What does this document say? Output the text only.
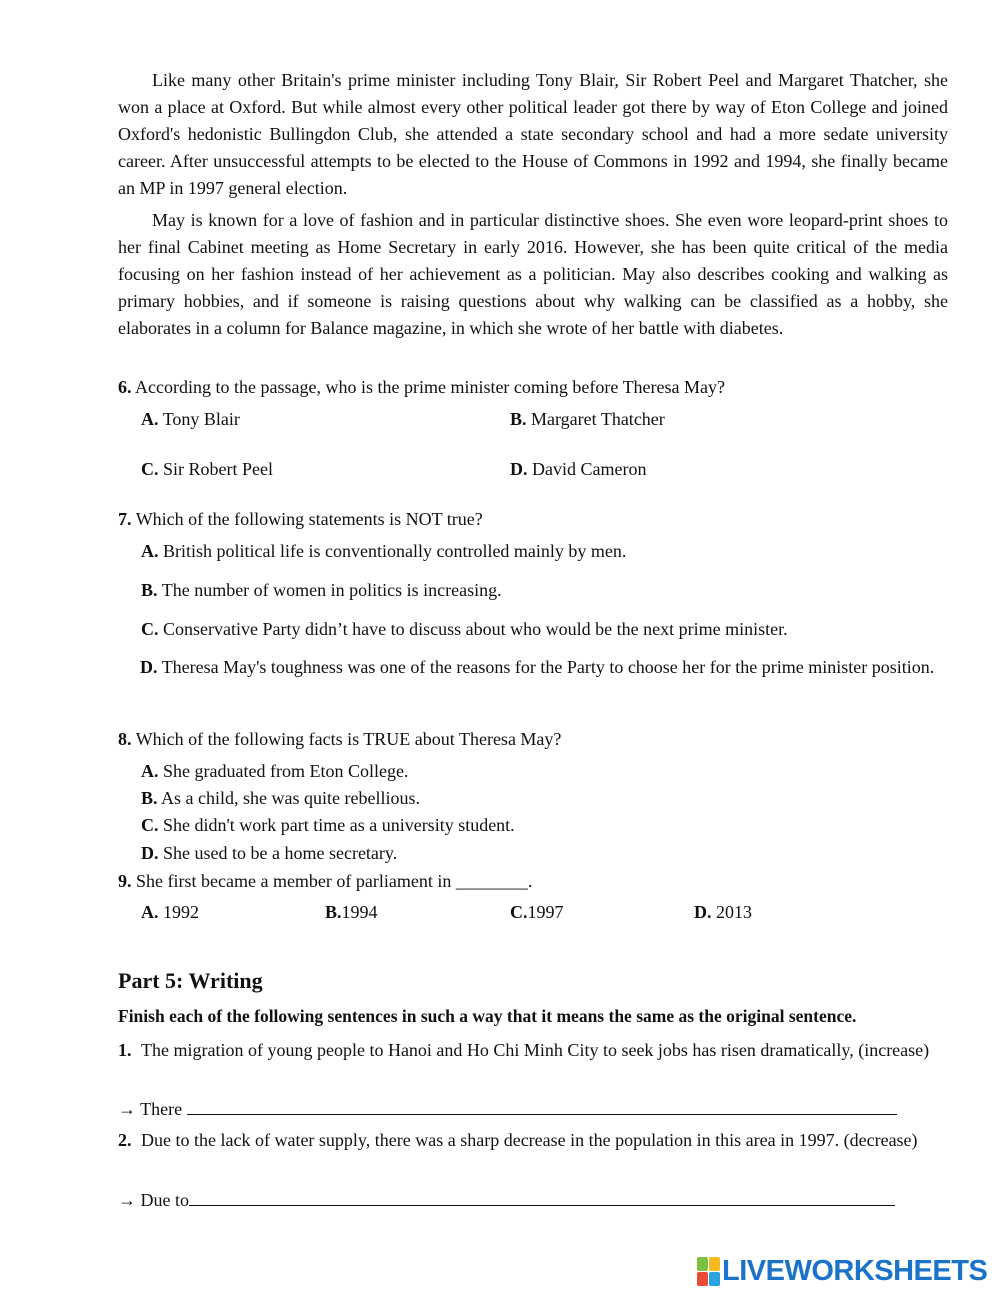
Like many other Britain's prime minister including Tony Blair, Sir Robert Peel and Margaret Thatcher, she won a place at Oxford. But while almost every other political leader got there by way of Eton College and joined Oxford's hedonistic Bullingdon Club, she attended a state secondary school and had a more sedate university career. After unsuccessful attempts to be elected to the House of Commons in 1992 and 1994, she finally became an MP in 1997 general election.

May is known for a love of fashion and in particular distinctive shoes. She even wore leopard-print shoes to her final Cabinet meeting as Home Secretary in early 2016. However, she has been quite critical of the media focusing on her fashion instead of her achievement as a politician. May also describes cooking and walking as primary hobbies, and if someone is raising questions about why walking can be classified as a hobby, she elaborates in a column for Balance magazine, in which she wrote of her battle with diabetes.

6. According to the passage, who is the prime minister coming before Theresa May?
A. Tony Blair	B. Margaret Thatcher
C. Sir Robert Peel	D. David Cameron
7. Which of the following statements is NOT true?
A. British political life is conventionally controlled mainly by men.
B. The number of women in politics is increasing.
C. Conservative Party didn’t have to discuss about who would be the next prime minister.

D. Theresa May's toughness was one of the reasons for the Party to choose her for the prime minister position.

8. Which of the following facts is TRUE about Theresa May?
A. She graduated from Eton College.
B. As a child, she was quite rebellious.
C. She didn't work part time as a university student.
D. She used to be a home secretary.
9. She first became a member of parliament in ________.
A. 1992	B.1994	C.1997	D. 2013
Part 5: Writing
Finish each of the following sentences in such a way that it means the same as the original sentence.
1. The migration of young people to Hanoi and Ho Chi Minh City to seek jobs has risen dramatically, (increase)
→ There
2. Due to the lack of water supply, there was a sharp decrease in the population in this area in 1997. (decrease)
→ Due to
LIVEWORKSHEETS
